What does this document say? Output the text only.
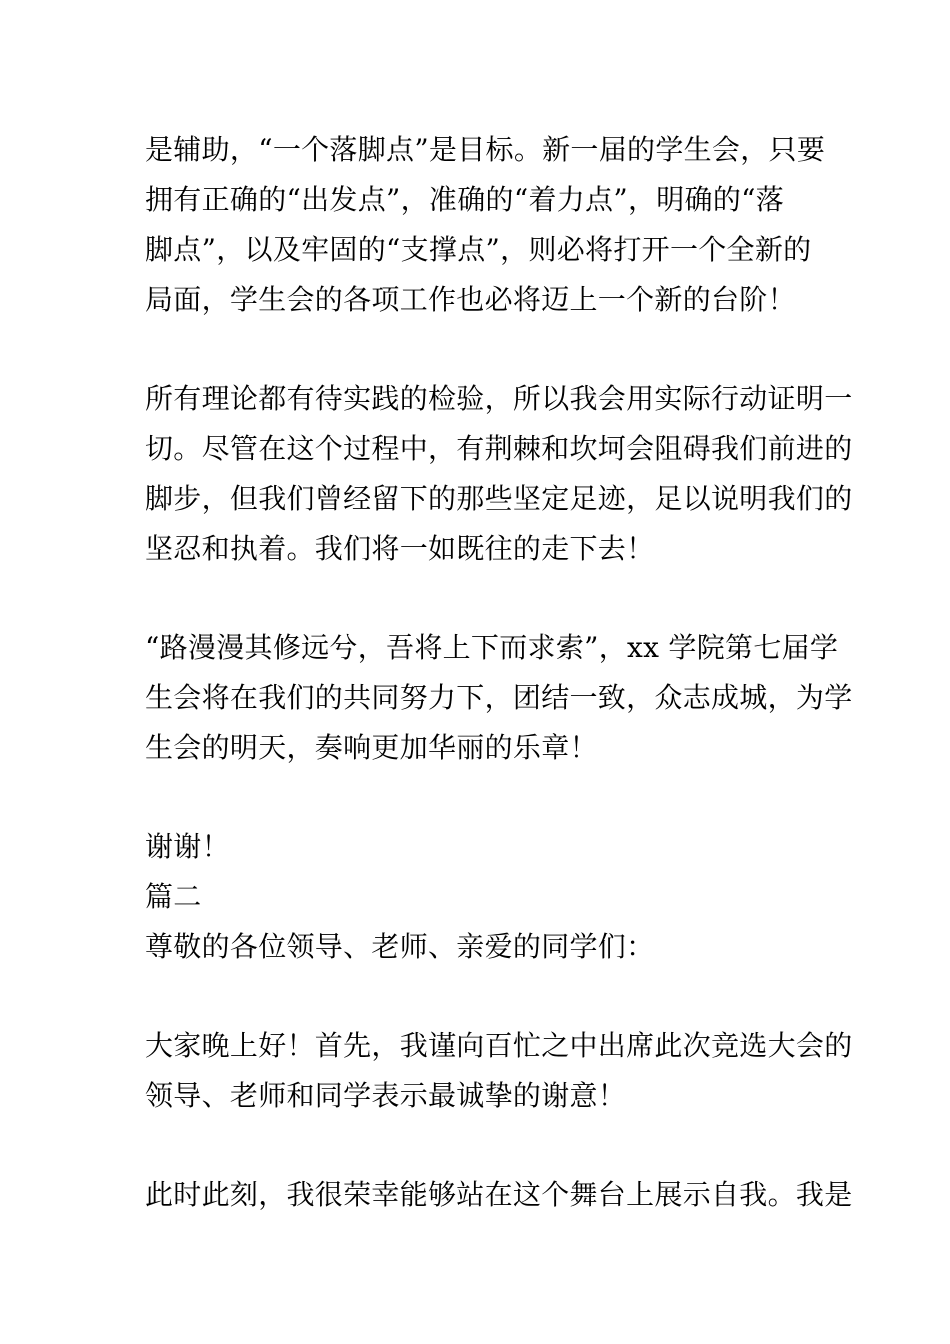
是辅助，“一个落脚点”是目标。新一届的学生会，只要
拥有正确的“出发点”，准确的“着力点”，明确的“落
脚点”，以及牢固的“支撑点”，则必将打开一个全新的
局面，学生会的各项工作也必将迈上一个新的台阶！
所有理论都有待实践的检验，所以我会用实际行动证明一
切。尽管在这个过程中，有荆棘和坎坷会阻碍我们前进的
脚步，但我们曾经留下的那些坚定足迹，足以说明我们的
坚忍和执着。我们将一如既往的走下去！
“路漫漫其修远兮，吾将上下而求索”，xx 学院第七届学
生会将在我们的共同努力下，团结一致，众志成城，为学
生会的明天，奏响更加华丽的乐章！
谢谢！
篇二
尊敬的各位领导、老师、亲爱的同学们：
大家晚上好！首先，我谨向百忙之中出席此次竞选大会的
领导、老师和同学表示最诚挚的谢意！
此时此刻，我很荣幸能够站在这个舞台上展示自我。我是
